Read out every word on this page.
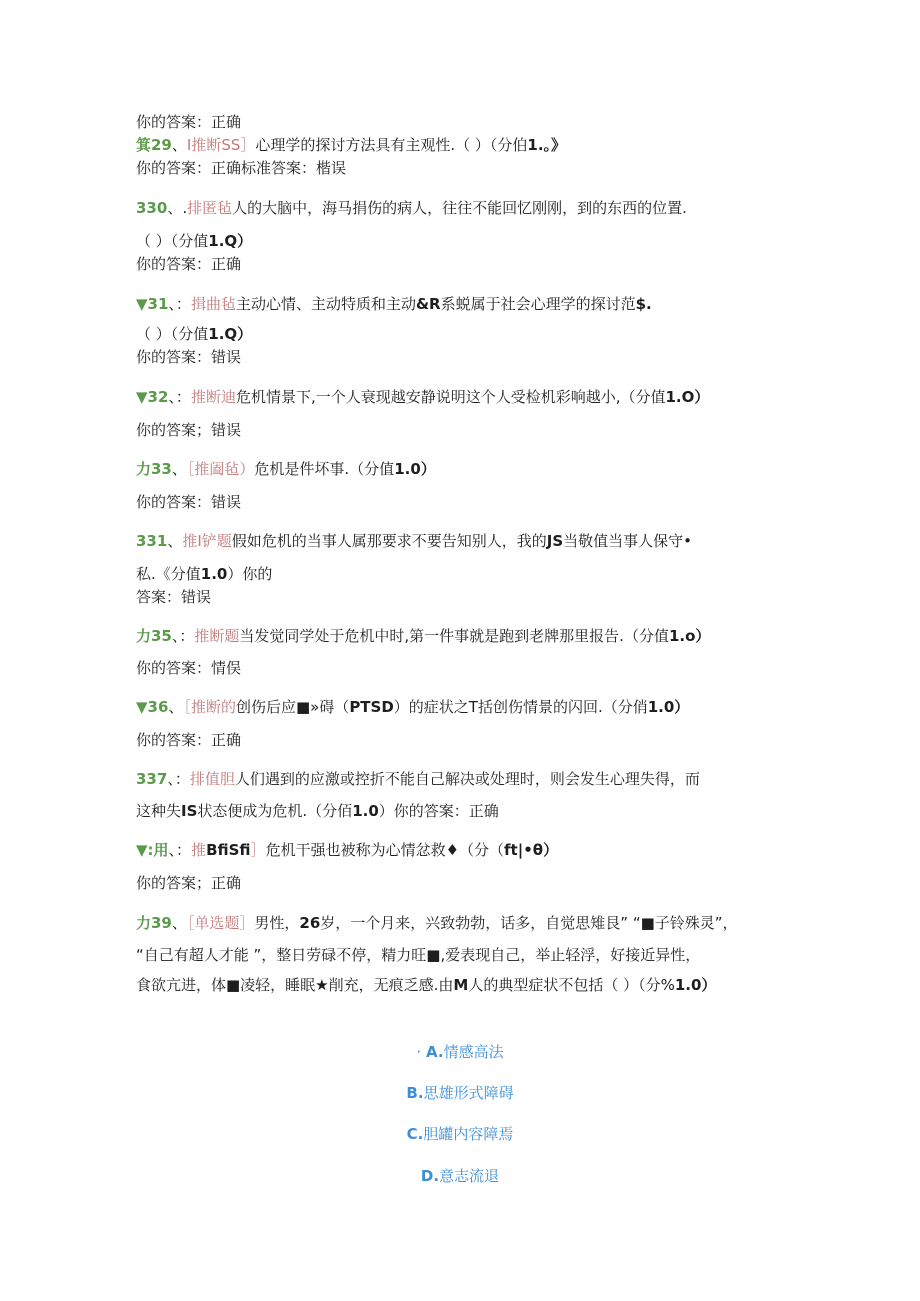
你的答案：正确
箕29、I推断SS］心理学的探讨方法具有主观性.（ ）（分伯1.。》
你的答案：正确标准答案：楷误
330、.排匿毡人的大脑中，海马捐伤的病人，往往不能回忆刚刚，到的东西的位置.
（ ）（分值1.Q）
你的答案：正确
▼31、：揖曲毡主动心情、主动特质和主动&R系蜕属于社会心理学的探讨范$.
（ ）（分值1.Q）
你的答案：错误
▼32、：推断迪危机情景下,一个人衰现越安静说明这个人受检机彩响越小,（分值1.O）
你的答案；错误
力33、［推阖毡）危机是件坏事.（分值1.0）
你的答案：错误
331、推I铲题假如危机的当事人属那要求不要告知别人，我的JS当敬值当事人保守•
私.《分值1.0）你的
答案：错误
力35、：推断题当发觉同学处于危机中时,第一件事就是跑到老牌那里报告.（分值1.o）
你的答案：情俣
▼36、［推断的创伤后应■»碍（PTSD）的症状之T括创伤情景的闪回.（分俏1.0）
你的答案：正确
337、：排值胆人们遇到的应激或控折不能自己解决或处理时，则会发生心理失得，而
这种失IS状态便成为危机.（分佰1.0）你的答案：正确
▼:用、：推BfiSfi］危机干强也被称为心情忿救♦（分（ft|•θ）
你的答案；正确
力39、［单选题］男性，26岁，一个月来，兴致勃勃，话多，自觉思雉艮” “■子铃殊灵”，
“自己有超人才能 ”，整日劳碌不停，精力旺■,爱表现自己，举止轻浮，好接近异性，
食欲亢进，体■凌轻，睡眠★削充，无痕乏感.由M人的典型症状不包括（ ）（分%1.0）
· A.情感高法
B.思雄形式障碍
C.胆罐内容障焉
D.意志流退
